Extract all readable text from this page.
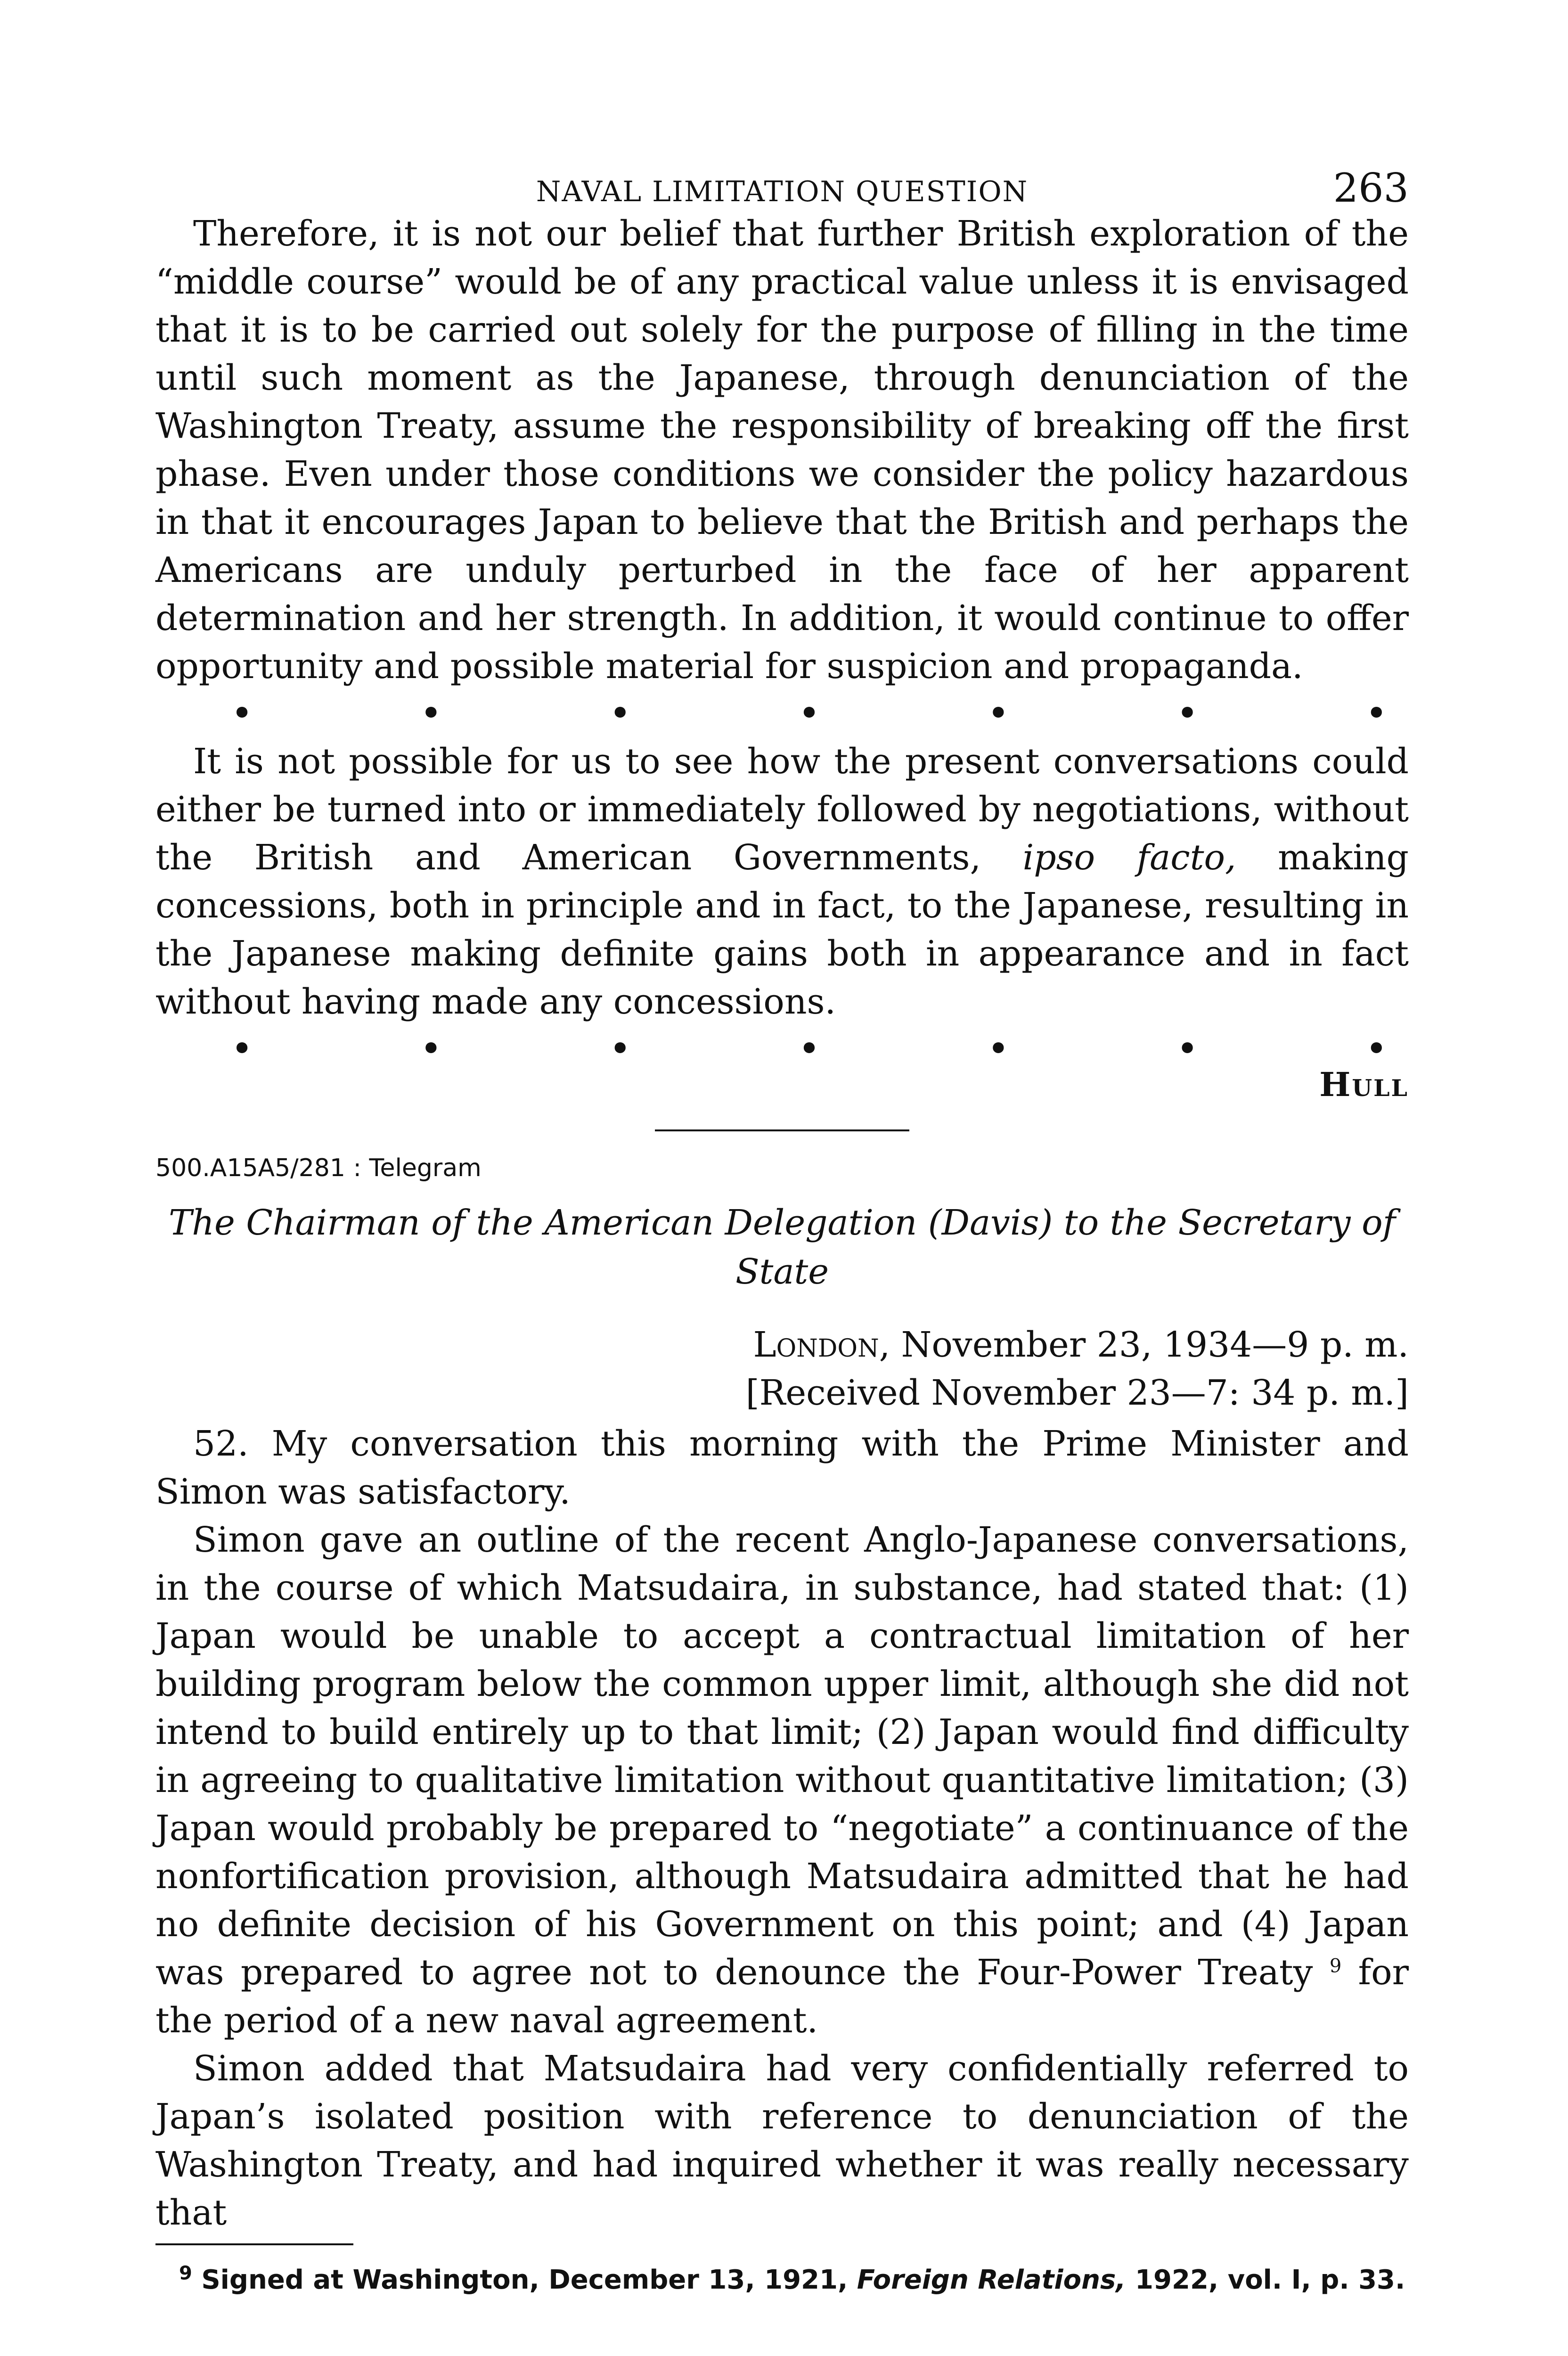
NAVAL LIMITATION QUESTION	263

Therefore, it is not our belief that further British exploration of the “middle course” would be of any practical value unless it is envisaged that it is to be carried out solely for the purpose of filling in the time until such moment as the Japanese, through denunciation of the Washington Treaty, assume the responsibility of breaking off the first phase. Even under those conditions we consider the policy hazardous in that it encourages Japan to believe that the British and perhaps the Americans are unduly perturbed in the face of her apparent determination and her strength. In addition, it would continue to offer opportunity and possible material for suspicion and propaganda.

•	•	•	•	•	•	•

It is not possible for us to see how the present conversations could either be turned into or immediately followed by negotiations, without the British and American Governments, ipso facto, making concessions, both in principle and in fact, to the Japanese, resulting in the Japanese making definite gains both in appearance and in fact without having made any concessions.

•	•	•	•	•	•	•
Hull
500.A15A5/281 : Telegram
The Chairman of the American Delegation (Davis) to the Secretary of State
London, November 23, 1934—9 p. m.
[Received November 23—7: 34 p. m.]

52. My conversation this morning with the Prime Minister and Simon was satisfactory.

Simon gave an outline of the recent Anglo-Japanese conversations, in the course of which Matsudaira, in substance, had stated that: (1) Japan would be unable to accept a contractual limitation of her building program below the common upper limit, although she did not intend to build entirely up to that limit; (2) Japan would find difficulty in agreeing to qualitative limitation without quantitative limitation; (3) Japan would probably be prepared to “negotiate” a continuance of the nonfortification provision, although Matsudaira admitted that he had no definite decision of his Government on this point; and (4) Japan was prepared to agree not to denounce the Four-Power Treaty $^9$ for the period of a new naval agreement.

Simon added that Matsudaira had very confidentially referred to Japan’s isolated position with reference to denunciation of the Washington Treaty, and had inquired whether it was really necessary that

$^9$ Signed at Washington, December 13, 1921, Foreign Relations, 1922, vol. I, p. 33.
